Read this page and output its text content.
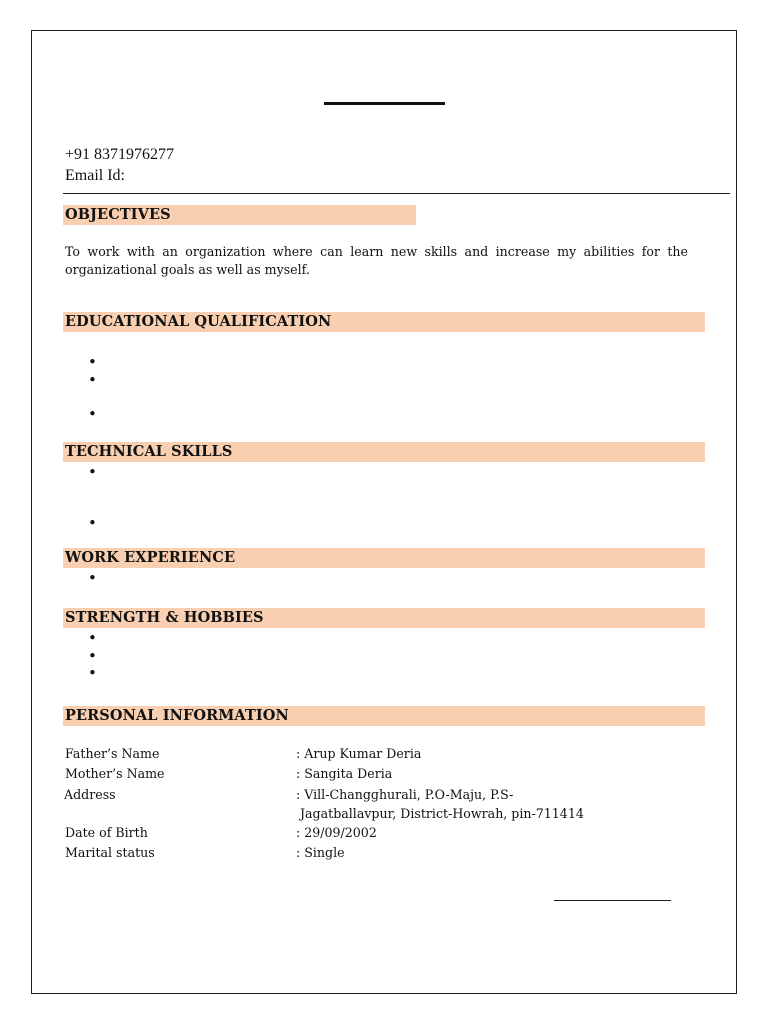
+91 8371976277
Email Id:
OBJECTIVES
To work with an organization where can learn new skills and increase my abilities for the organizational goals as well as myself.
EDUCATIONAL QUALIFICATION
•
•
•
TECHNICAL SKILLS
•
•
WORK EXPERIENCE
•
STRENGTH & HOBBIES
•
•
•
PERSONAL INFORMATION
Father’s Name	: Arup Kumar Deria
Mother’s Name	: Sangita Deria
Address	: Vill-Changghurali, P.O-Maju, P.S-
Jagatballavpur, District-Howrah, pin-711414
Date of Birth	: 29/09/2002
Marital status	: Single
